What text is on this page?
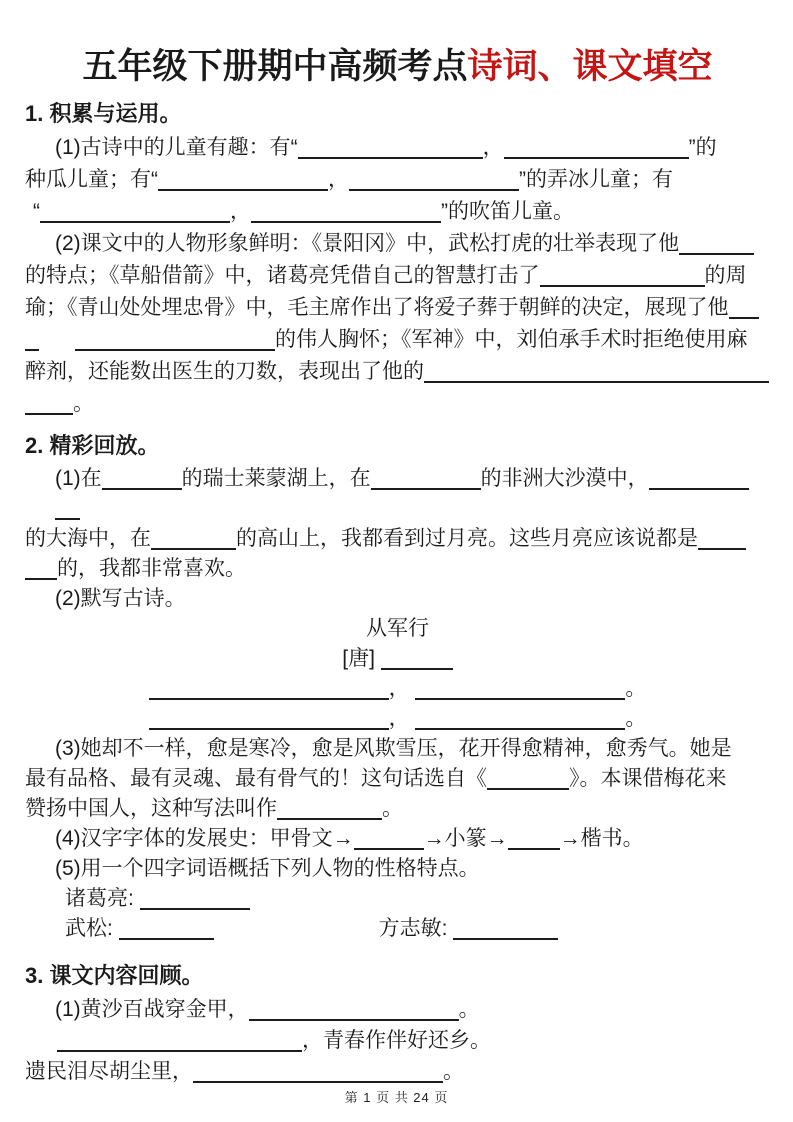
五年级下册期中高频考点诗词、课文填空
1. 积累与运用。
(1)古诗中的儿童有趣：有“	，	”的
种瓜儿童；有“	，	”的弄冰儿童；有
“	，	”的吹笛儿童。
(2)课文中的人物形象鲜明：《景阳冈》中，武松打虎的壮举表现了他
的特点；《草船借箭》中，诸葛亮凭借自己的智慧打击了	的周
瑜；《青山处处埋忠骨》中，毛主席作出了将爱子葬于朝鲜的决定，展现了他
的伟人胸怀；《军神》中，刘伯承手术时拒绝使用麻
醉剂，还能数出医生的刀数，表现出了他的
。
2. 精彩回放。
(1)在	的瑞士莱蒙湖上，在	的非洲大沙漠中，
的大海中，在	的高山上，我都看到过月亮。这些月亮应该说都是
的，我都非常喜欢。
(2)默写古诗。
从军行
[唐]
，	。
，	。
(3)她却不一样，愈是寒冷，愈是风欺雪压，花开得愈精神，愈秀气。她是
最有品格、最有灵魂、最有骨气的！这句话选自《	》。本课借梅花来
赞扬中国人，这种写法叫作	。
(4)汉字字体的发展史：甲骨文→	→小篆→ →楷书。
(5)用一个四字词语概括下列人物的性格特点。
诸葛亮:
武松:	方志敏:
3. 课文内容回顾。
(1)黄沙百战穿金甲，	。
，青春作伴好还乡。
遗民泪尽胡尘里，	。
第 1 页 共 24 页
